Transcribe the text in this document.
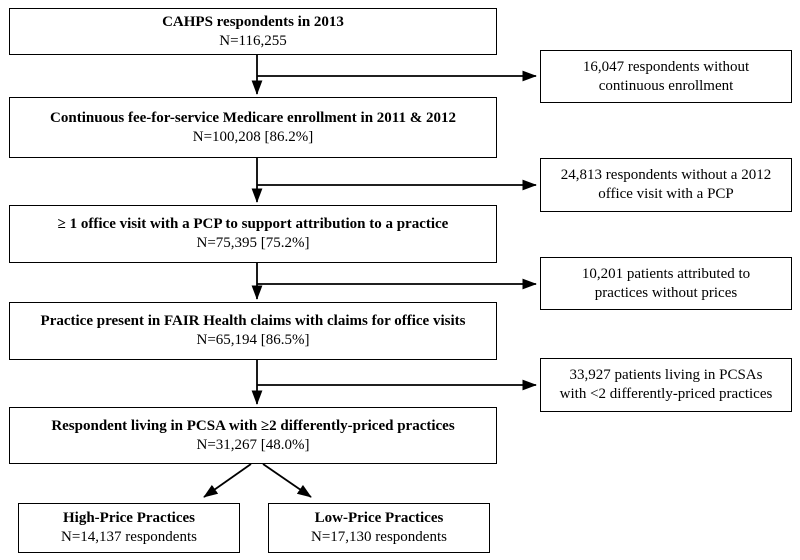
CAHPS respondents in 2013
N=116,255
Continuous fee-for-service Medicare enrollment in 2011 & 2012
N=100,208 [86.2%]
≥ 1 office visit with a PCP to support attribution to a practice
N=75,395 [75.2%]
Practice present in FAIR Health claims with claims for office visits
N=65,194 [86.5%]
Respondent living in PCSA with ≥2 differently-priced practices
N=31,267 [48.0%]
16,047 respondents without continuous enrollment
24,813 respondents without a 2012 office visit with a PCP
10,201 patients attributed to practices without prices
33,927 patients living in PCSAs with <2 differently-priced practices
High-Price Practices
N=14,137 respondents
Low-Price Practices
N=17,130 respondents
